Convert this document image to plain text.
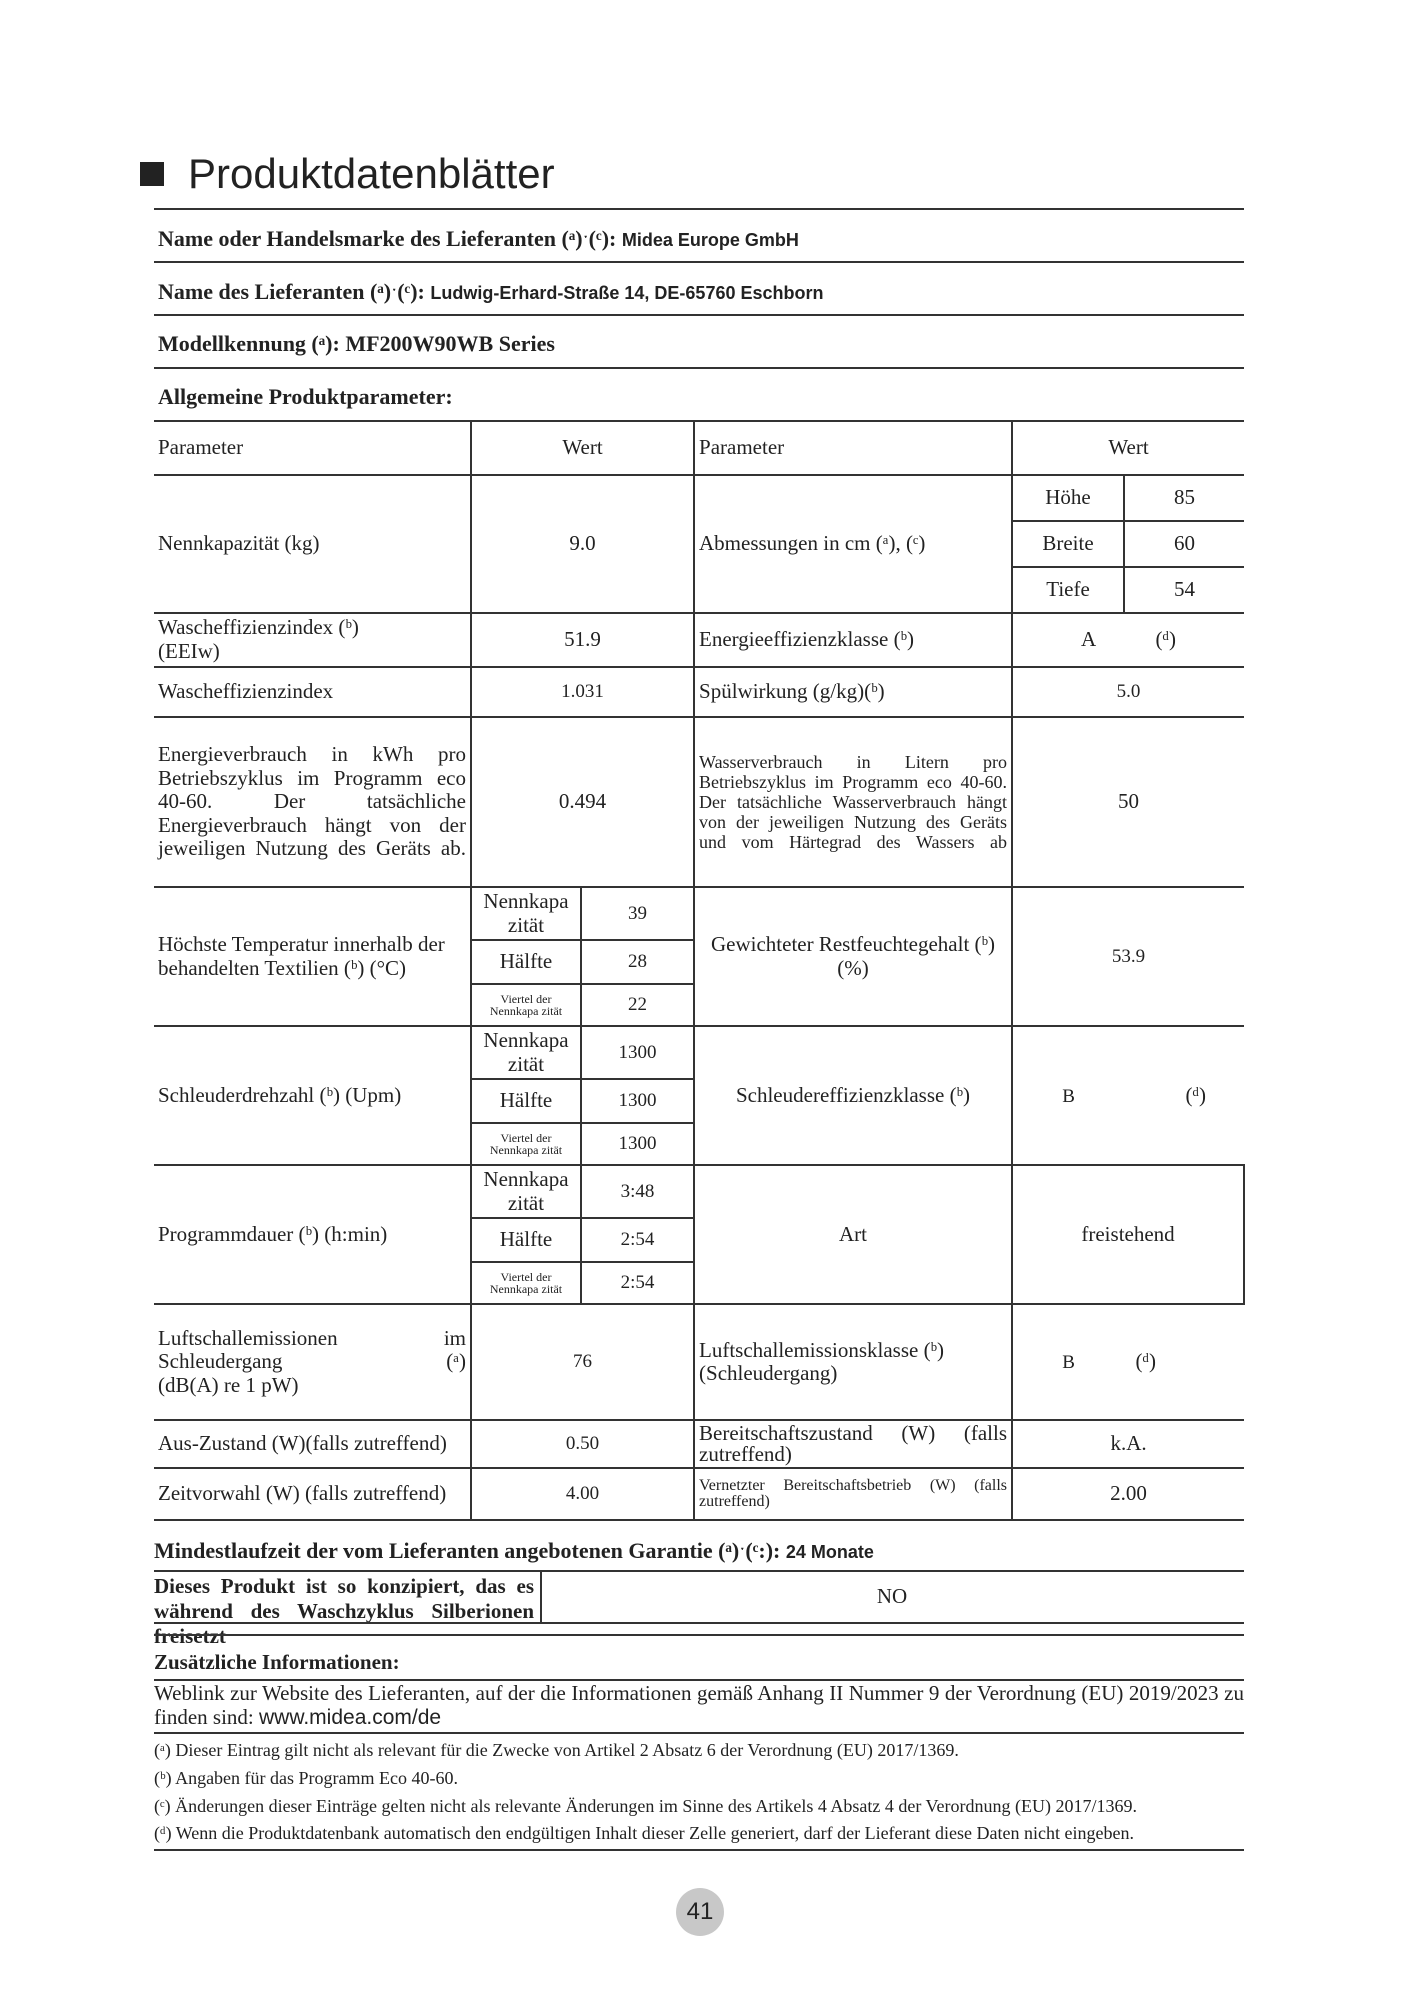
Produktdatenblätter
Name oder Handelsmarke des Lieferanten (ᵃ)ˑ(ᶜ): Midea Europe GmbH
Name des Lieferanten (ᵃ)ˑ(ᶜ): Ludwig-Erhard-Straße 14, DE-65760 Eschborn
Modellkennung (ᵃ): MF200W90WB Series
Allgemeine Produktparameter:
Parameter	Wert		Parameter	Wert	
Nennkapazität (kg)	9.0		Abmessungen in cm (ᵃ), (ᶜ)	Höhe	85
				Breite	60
				Tiefe	54

Wascheffizienzindex (ᵇ)
(EEIw)	51.9		Energieeffizienzklasse (ᵇ)	A (ᵈ)	
Wascheffizienzindex	1.031		Spülwirkung (g/kg)(ᵇ)	5.0	
Energieverbrauch in kWh pro Betriebszyklus im Programm eco 40-60. Der tatsächliche Energieverbrauch hängt von der jeweiligen Nutzung des Geräts ab.	0.494		Wasserverbrauch in Litern pro Betriebszyklus im Programm eco 40-60. Der tatsächliche Wasserverbrauch hängt von der jeweiligen Nutzung des Geräts und vom Härtegrad des Wassers ab	50	
Höchste Temperatur innerhalb der behandelten Textilien (ᵇ) (°C)	Nennkapa zität	39	Gewichteter Restfeuchtegehalt (ᵇ)(%)	53.9	
	Hälfte	28			
	Viertel der Nennkapa zität	22			
Schleuderdrehzahl (ᵇ) (Upm)	Nennkapa zität	1300	Schleudereffizienzklasse (ᵇ)	B (ᵈ)	
	Hälfte	1300			
	Viertel der Nennkapa zität	1300			
Programmdauer (ᵇ) (h:min)	Nennkapa zität	3:48	Art	freistehend	
	Hälfte	2:54			
	Viertel der Nennkapa zität	2:54			

Luftschallemissionen im Schleudergang (ᵃ)
(dB(A) re 1 pW)	76		Luftschallemissionsklasse (ᵇ)(Schleudergang)	B (ᵈ)	
Aus-Zustand (W)(falls zutreffend)	0.50		Bereitschaftszustand (W) (falls zutreffend)	k.A.	
Zeitvorwahl (W) (falls zutreffend)	4.00		Vernetzter Bereitschaftsbetrieb (W) (falls zutreffend)	2.00	
Mindestlaufzeit der vom Lieferanten angebotenen Garantie (ᵃ)ˑ(ᶜ:): 24 Monate
Dieses Produkt ist so konzipiert, das es während des Waschzyklus Silberionen freisetzt
NO
Zusätzliche Informationen:
Weblink zur Website des Lieferanten, auf der die Informationen gemäß Anhang II Nummer 9 der Verordnung (EU) 2019/2023 zu finden sind: www.midea.com/de
(ᵃ) Dieser Eintrag gilt nicht als relevant für die Zwecke von Artikel 2 Absatz 6 der Verordnung (EU) 2017/1369.
(ᵇ) Angaben für das Programm Eco 40-60.
(ᶜ) Änderungen dieser Einträge gelten nicht als relevante Änderungen im Sinne des Artikels 4 Absatz 4 der Verordnung (EU) 2017/1369.
(ᵈ) Wenn die Produktdatenbank automatisch den endgültigen Inhalt dieser Zelle generiert, darf der Lieferant diese Daten nicht eingeben.
41
